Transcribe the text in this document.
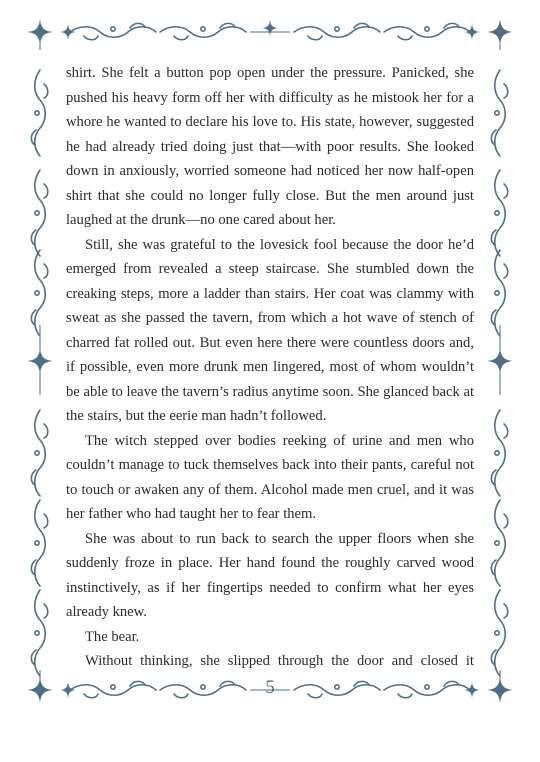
shirt. She felt a button pop open under the pressure. Panicked, she pushed his heavy form off her with difficulty as he mistook her for a whore he wanted to declare his love to. His state, however, suggested he had already tried doing just that—with poor results. She looked down in anxiously, worried someone had noticed her now half-open shirt that she could no longer fully close. But the men around just laughed at the drunk—no one cared about her.

Still, she was grateful to the lovesick fool because the door he’d emerged from revealed a steep staircase. She stumbled down the creaking steps, more a ladder than stairs. Her coat was clammy with sweat as she passed the tavern, from which a hot wave of stench of charred fat rolled out. But even here there were countless doors and, if possible, even more drunk men lingered, most of whom wouldn’t be able to leave the tavern’s radius anytime soon. She glanced back at the stairs, but the eerie man hadn’t followed.

The witch stepped over bodies reeking of urine and men who couldn’t manage to tuck themselves back into their pants, careful not to touch or awaken any of them. Alcohol made men cruel, and it was her father who had taught her to fear them.

She was about to run back to search the upper floors when she suddenly froze in place. Her hand found the roughly carved wood instinctively, as if her fingertips needed to confirm what her eyes already knew.

The bear.

Without thinking, she slipped through the door and closed it

5
